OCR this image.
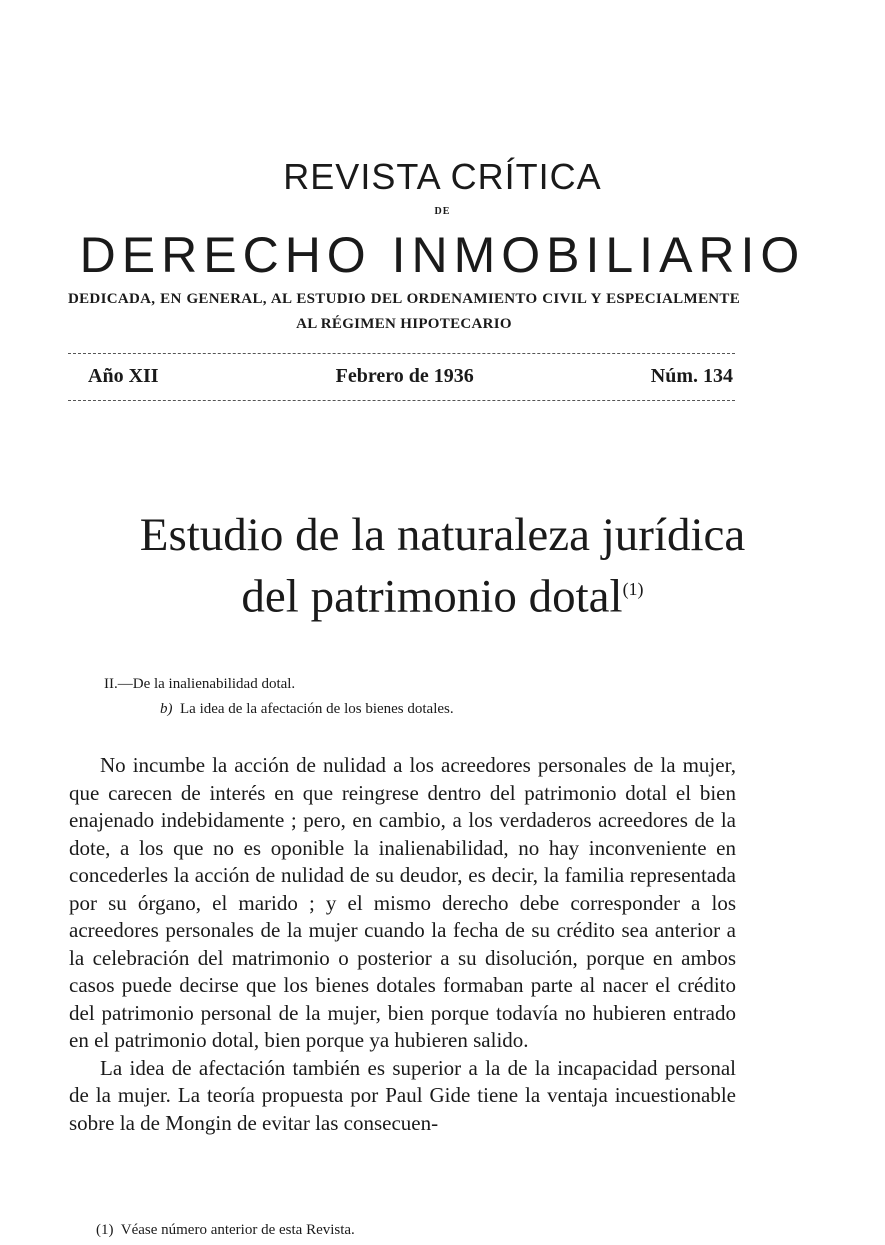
REVISTA CRÍTICA
DE
DERECHO INMOBILIARIO
DEDICADA, EN GENERAL, AL ESTUDIO DEL ORDENAMIENTO CIVIL Y ESPECIALMENTE AL RÉGIMEN HIPOTECARIO
Año XII	Febrero de 1936	Núm. 134
Estudio de la naturaleza jurídica
del patrimonio dotal$^{(1)}$
II.—De la inalienabilidad dotal.
b) La idea de la afectación de los bienes dotales.

No incumbe la acción de nulidad a los acreedores personales de la mujer, que carecen de interés en que reingrese dentro del patrimonio dotal el bien enajenado indebidamente ; pero, en cambio, a los verdaderos acreedores de la dote, a los que no es oponible la inalienabilidad, no hay inconveniente en concederles la acción de nulidad de su deudor, es decir, la familia representada por su órgano, el marido ; y el mismo derecho debe corresponder a los acreedores personales de la mujer cuando la fecha de su crédito sea anterior a la celebración del matrimonio o posterior a su disolución, porque en ambos casos puede decirse que los bienes dotales formaban parte al nacer el crédito del patrimonio personal de la mujer, bien porque todavía no hubieren entrado en el patrimonio dotal, bien porque ya hubieren salido.

La idea de afectación también es superior a la de la incapacidad personal de la mujer. La teoría propuesta por Paul Gide tiene la ventaja incuestionable sobre la de Mongin de evitar las consecuen-

(1) Véase número anterior de esta Revista.
